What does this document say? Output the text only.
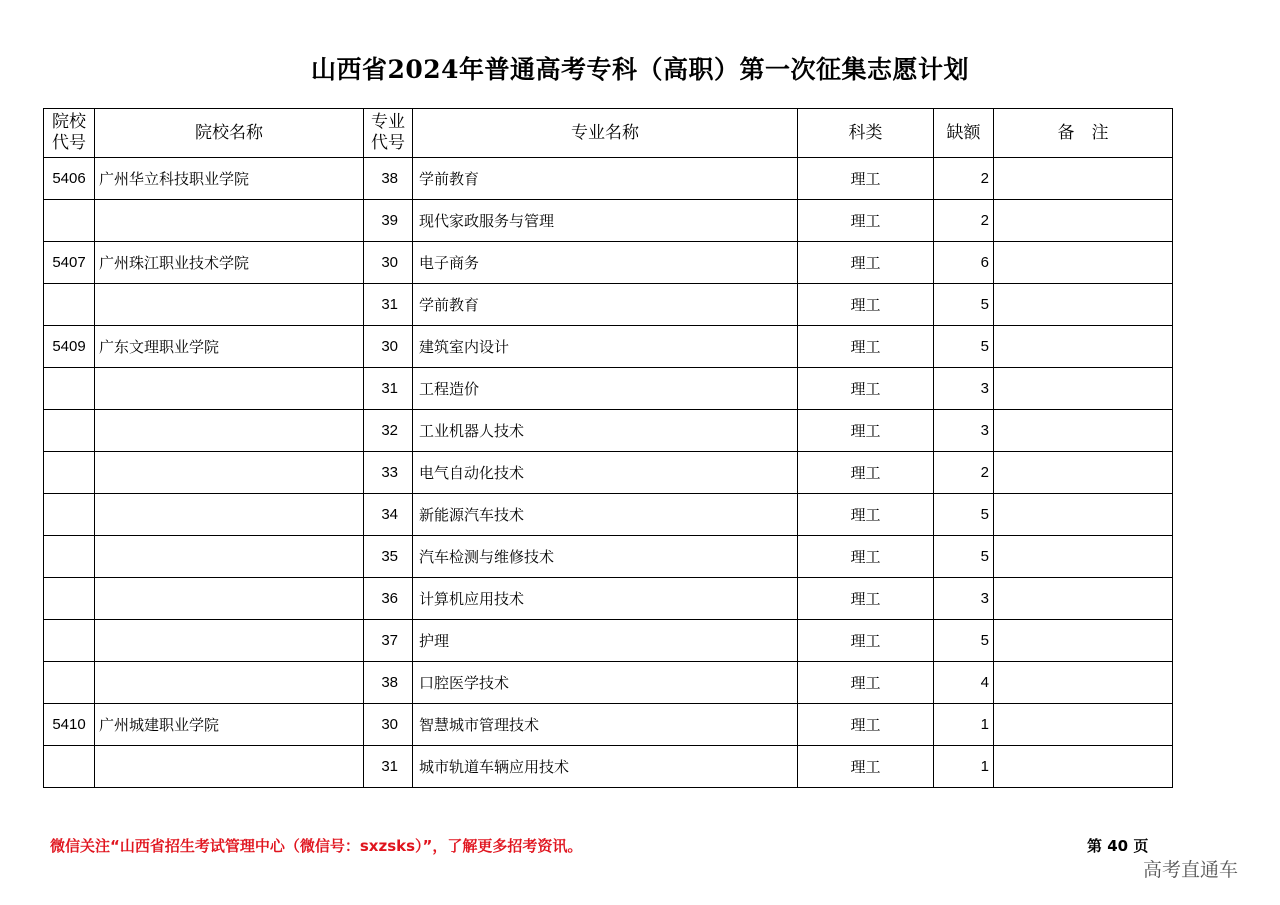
山西省2024年普通高考专科（高职）第一次征集志愿计划
院校代号	院校名称	专业代号	专业名称	科类	缺额	备　注
5406	广州华立科技职业学院	38	学前教育	理工	2	
		39	现代家政服务与管理	理工	2	
5407	广州珠江职业技术学院	30	电子商务	理工	6	
		31	学前教育	理工	5	
5409	广东文理职业学院	30	建筑室内设计	理工	5	
		31	工程造价	理工	3	
		32	工业机器人技术	理工	3	
		33	电气自动化技术	理工	2	
		34	新能源汽车技术	理工	5	
		35	汽车检测与维修技术	理工	5	
		36	计算机应用技术	理工	3	
		37	护理	理工	5	
		38	口腔医学技术	理工	4	
5410	广州城建职业学院	30	智慧城市管理技术	理工	1	
		31	城市轨道车辆应用技术	理工	1	
微信关注“山西省招生考试管理中心（微信号：sxzsks）”，了解更多招考资讯。	第 40 页
高考直通车
